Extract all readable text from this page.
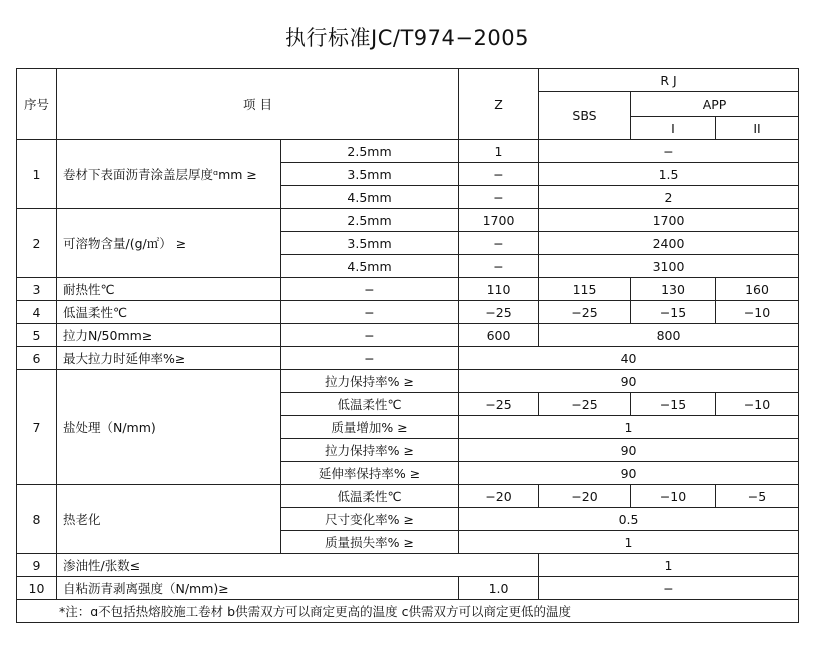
执行标准JC/T974−2005
序号	项 目		Z	R J		
				SBS	APP	
					I	II
1	卷材下表面沥青涂盖层厚度ᵅmm ≥	2.5mm	1	−		
		3.5mm	−	1.5		
		4.5mm	−	2		
2	可溶物含量/(g/㎡） ≥	2.5mm	1700	1700		
		3.5mm	−	2400		
		4.5mm	−	3100		
3	耐热性℃	−	110	115	130	160
4	低温柔性℃	−	−25	−25	−15	−10
5	拉力N/50mm≥	−	600	800		
6	最大拉力时延伸率%≥	−	40			
7	盐处理（N/mm)	拉力保持率% ≥	90			
		低温柔性℃	−25	−25	−15	−10
		质量增加% ≥	1			
		拉力保持率% ≥	90			
		延伸率保持率% ≥	90			
8	热老化	低温柔性℃	−20	−20	−10	−5
		尺寸变化率% ≥	0.5			
		质量损失率% ≥	1			
9	渗油性/张数≤			1		
10	自粘沥青剥离强度（N/mm)≥		1.0	−		
*注：ɑ不包括热熔胶施工卷材 b供需双方可以商定更高的温度 c供需双方可以商定更低的温度						
